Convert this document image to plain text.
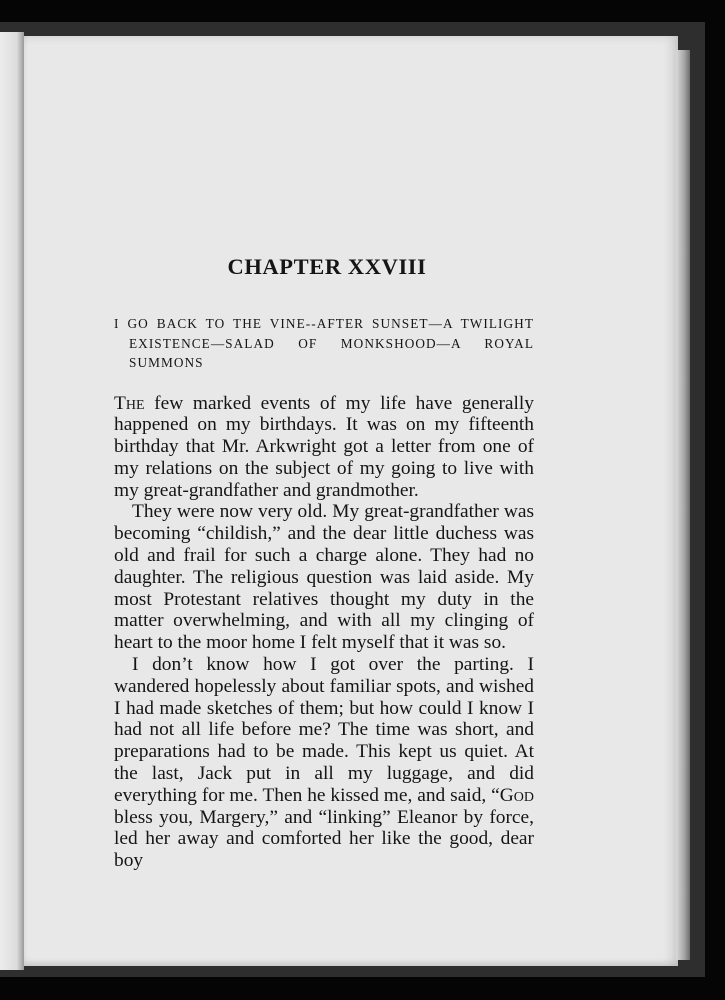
CHAPTER XXVIII

I GO BACK TO THE VINE--AFTER SUNSET—A TWILIGHT EXISTENCE—SALAD OF MONKSHOOD—A ROYAL SUMMONS

The few marked events of my life have generally happened on my birthdays. It was on my fifteenth birthday that Mr. Arkwright got a letter from one of my relations on the subject of my going to live with my great-grandfather and grandmother.

They were now very old. My great-grandfather was becoming “childish,” and the dear little duchess was old and frail for such a charge alone. They had no daughter. The religious question was laid aside. My most Protestant relatives thought my duty in the matter overwhelming, and with all my clinging of heart to the moor home I felt myself that it was so.

I don’t know how I got over the parting. I wandered hopelessly about familiar spots, and wished I had made sketches of them; but how could I know I had not all life before me? The time was short, and preparations had to be made. This kept us quiet. At the last, Jack put in all my luggage, and did everything for me. Then he kissed me, and said, “God bless you, Margery,” and “linking” Eleanor by force, led her away and comforted her like the good, dear boy
